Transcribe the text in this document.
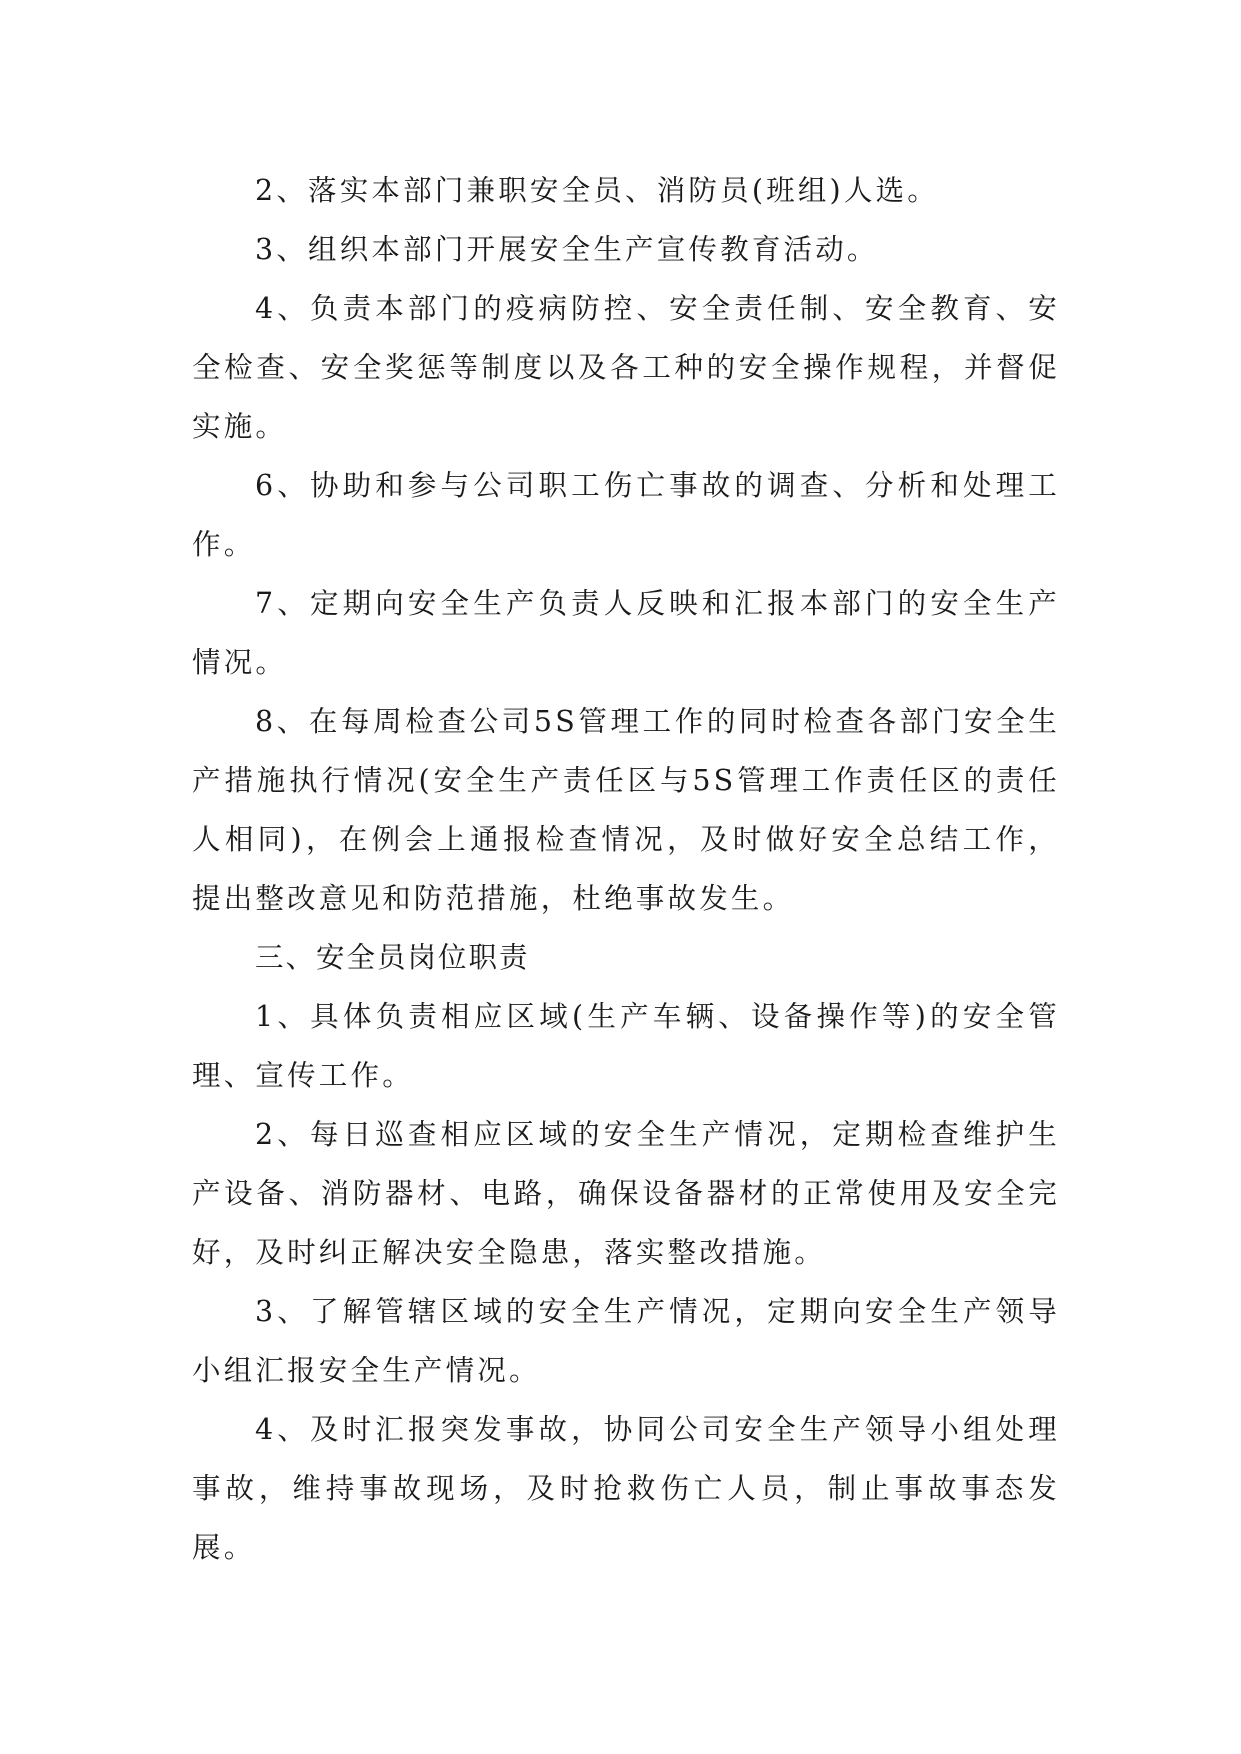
2、落实本部门兼职安全员、消防员(班组)人选。

3、组织本部门开展安全生产宣传教育活动。

4、负责本部门的疫病防控、安全责任制、安全教育、安全检查、安全奖惩等制度以及各工种的安全操作规程，并督促实施。

6、协助和参与公司职工伤亡事故的调查、分析和处理工作。

7、定期向安全生产负责人反映和汇报本部门的安全生产情况。

8、在每周检查公司5S管理工作的同时检查各部门安全生产措施执行情况(安全生产责任区与5S管理工作责任区的责任人相同)，在例会上通报检查情况，及时做好安全总结工作，提出整改意见和防范措施，杜绝事故发生。

三、安全员岗位职责

1、具体负责相应区域(生产车辆、设备操作等)的安全管理、宣传工作。

2、每日巡查相应区域的安全生产情况，定期检查维护生产设备、消防器材、电路，确保设备器材的正常使用及安全完好，及时纠正解决安全隐患，落实整改措施。

3、了解管辖区域的安全生产情况，定期向安全生产领导小组汇报安全生产情况。

4、及时汇报突发事故，协同公司安全生产领导小组处理事故，维持事故现场，及时抢救伤亡人员，制止事故事态发展。
